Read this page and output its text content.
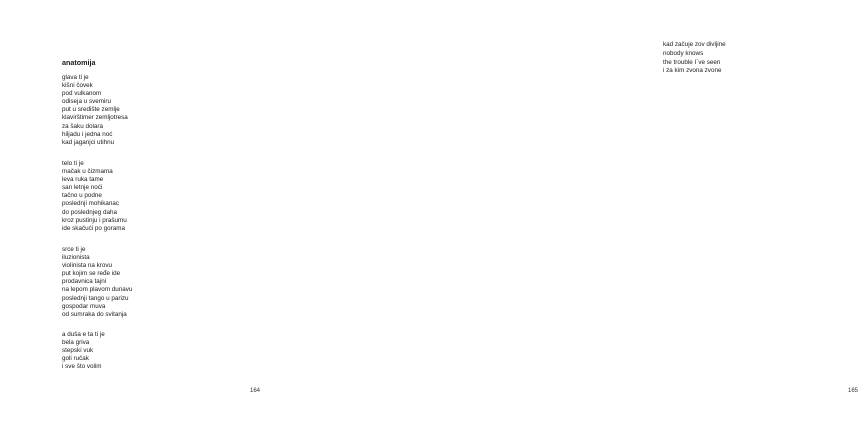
anatomija
glava ti je
kišni čovek
pod vulkanom
odiseja u svemiru
put u središte zemlje
klavirštimer zemljotresa
za šaku dolara
hiljadu i jedna noć
kad jaganjci utihnu
telo ti je
mačak u čizmama
leva ruka tame
san letnje noći
tačno u podne
poslednji mohikanac
do poslednjeg daha
kroz pustinju i prašumu
ide skačući po gorama
srce ti je
iluzionista
violinista na krovu
put kojim se ređe ide
prodavnica tajni
na lepom plavom dunavu
poslednji tango u parizu
gospodar muva
od sumraka do svitanja
a duša e ta ti je
bela griva
stepski vuk
goli ručak
i sve što volim
164
kad začuje zov divljine
nobody knows
the trouble I´ve seen
i za kim zvona zvone
165
